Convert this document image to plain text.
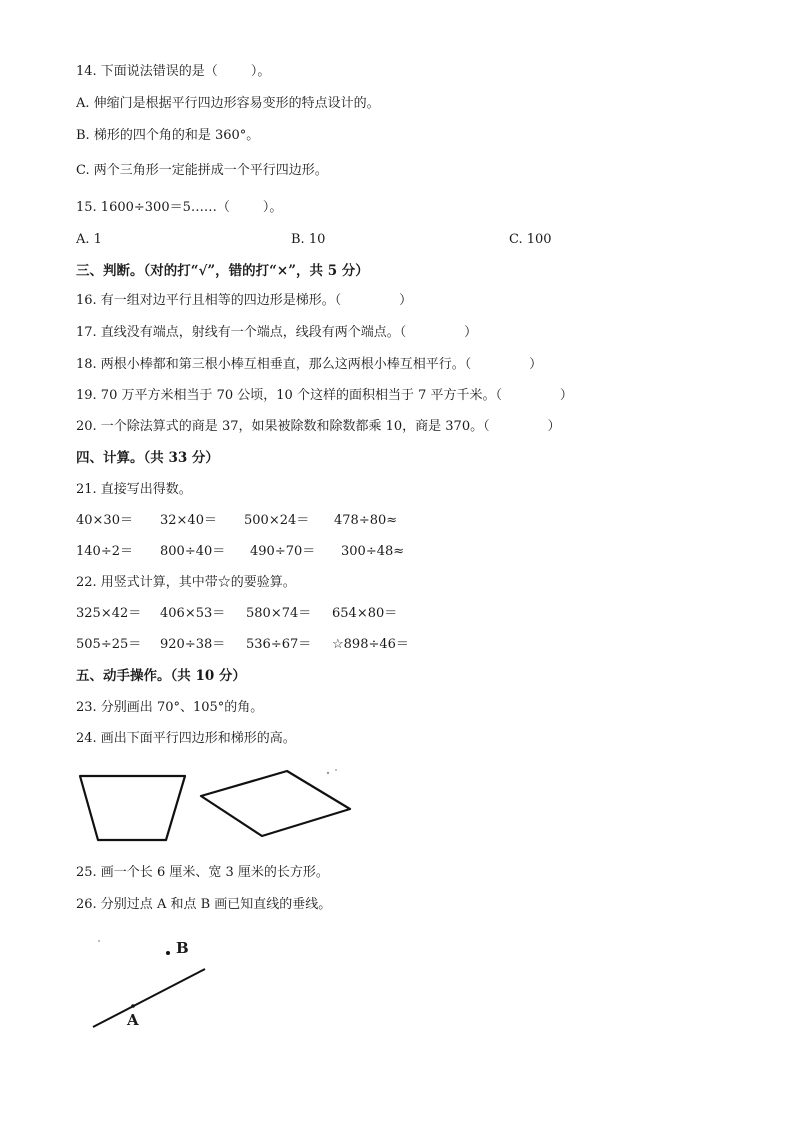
14. 下面说法错误的是（        ）。
A. 伸缩门是根据平行四边形容易变形的特点设计的。
B. 梯形的四个角的和是 360°。
C. 两个三角形一定能拼成一个平行四边形。
15. 1600÷300＝5……（        ）。
A. 1	B. 10	C. 100
三、判断。（对的打“√”，错的打“×”，共 5 分）
16. 有一组对边平行且相等的四边形是梯形。（              ）
17. 直线没有端点，射线有一个端点，线段有两个端点。（              ）
18. 两根小棒都和第三根小棒互相垂直，那么这两根小棒互相平行。（              ）
19. 70 万平方米相当于 70 公顷，10 个这样的面积相当于 7 平方千米。（              ）
20. 一个除法算式的商是 37，如果被除数和除数都乘 10，商是 370。（              ）
四、计算。（共 33 分）
21. 直接写出得数。
40×30＝ 32×40＝ 500×24＝ 478÷80≈
140÷2＝ 800÷40＝ 490÷70＝ 300÷48≈
22. 用竖式计算，其中带☆的要验算。
325×42＝ 406×53＝ 580×74＝ 654×80＝
505÷25＝ 920÷38＝ 536÷67＝ ☆898÷46＝
五、动手操作。（共 10 分）
23. 分别画出 70°、105°的角。
24. 画出下面平行四边形和梯形的高。
25. 画一个长 6 厘米、宽 3 厘米的长方形。
26. 分别过点 A 和点 B 画已知直线的垂线。
B
A
